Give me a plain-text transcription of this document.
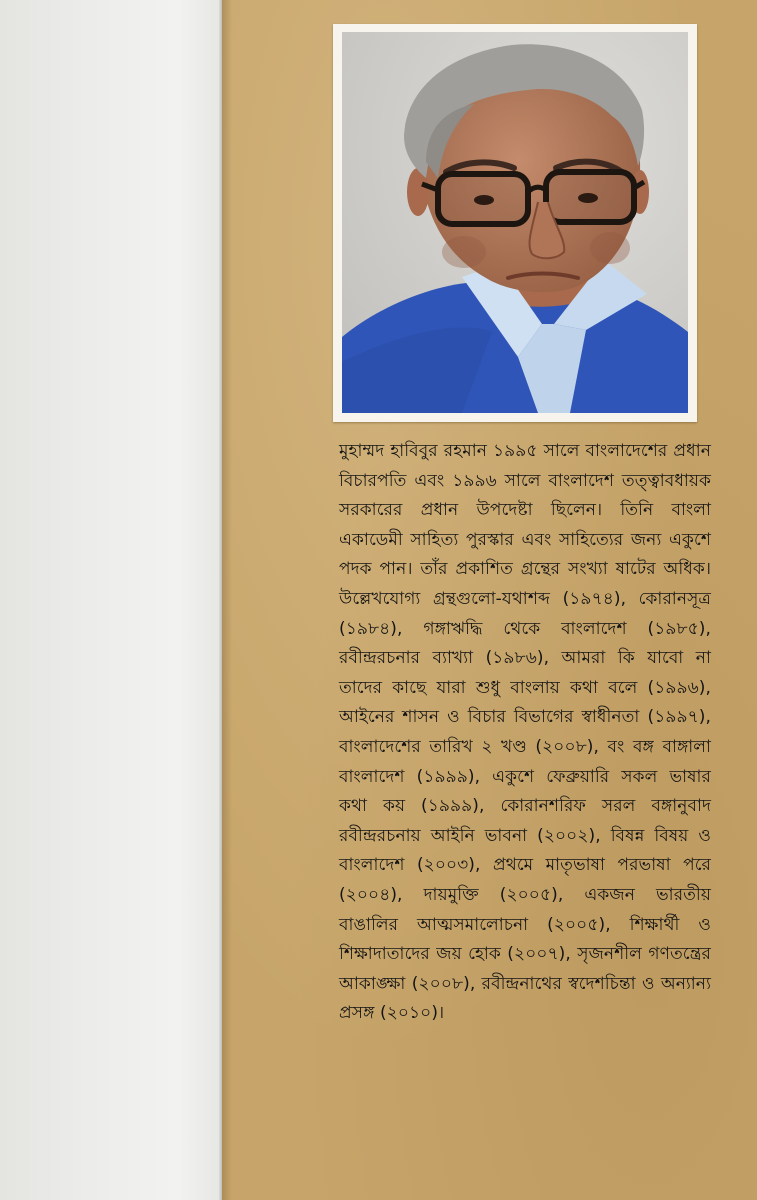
মুহাম্মদ হাবিবুর রহমান ১৯৯৫ সালে বাংলাদেশের প্রধান বিচারপতি এবং ১৯৯৬ সালে বাংলাদেশ তত্ত্বাবধায়ক সরকারের প্রধান উপদেষ্টা ছিলেন। তিনি বাংলা একাডেমী সাহিত্য পুরস্কার এবং সাহিত্যের জন্য একুশে পদক পান। তাঁর প্রকাশিত গ্রন্থের সংখ্যা ষাটের অধিক। উল্লেখযোগ্য গ্রন্থগুলো-যথাশব্দ (১৯৭৪), কোরানসূত্র (১৯৮৪), গঙ্গাঋদ্ধি থেকে বাংলাদেশ (১৯৮৫), রবীন্দ্ররচনার ব্যাখ্যা (১৯৮৬), আমরা কি যাবো না তাদের কাছে যারা শুধু বাংলায় কথা বলে (১৯৯৬), আইনের শাসন ও বিচার বিভাগের স্বাধীনতা (১৯৯৭), বাংলাদেশের তারিখ ২ খণ্ড (২০০৮), বং বঙ্গ বাঙ্গালা বাংলাদেশ (১৯৯৯), একুশে ফেব্রুয়ারি সকল ভাষার কথা কয় (১৯৯৯), কোরানশরিফ সরল বঙ্গানুবাদ রবীন্দ্ররচনায় আইনি ভাবনা (২০০২), বিষন্ন বিষয় ও বাংলাদেশ (২০০৩), প্রথমে মাতৃভাষা পরভাষা পরে (২০০৪), দায়মুক্তি (২০০৫), একজন ভারতীয় বাঙালির আত্মসমালোচনা (২০০৫), শিক্ষার্থী ও শিক্ষাদাতাদের জয় হোক (২০০৭), সৃজনশীল গণতন্ত্রের আকাঙ্ক্ষা (২০০৮), রবীন্দ্রনাথের স্বদেশচিন্তা ও অন্যান্য প্রসঙ্গ (২০১০)।
